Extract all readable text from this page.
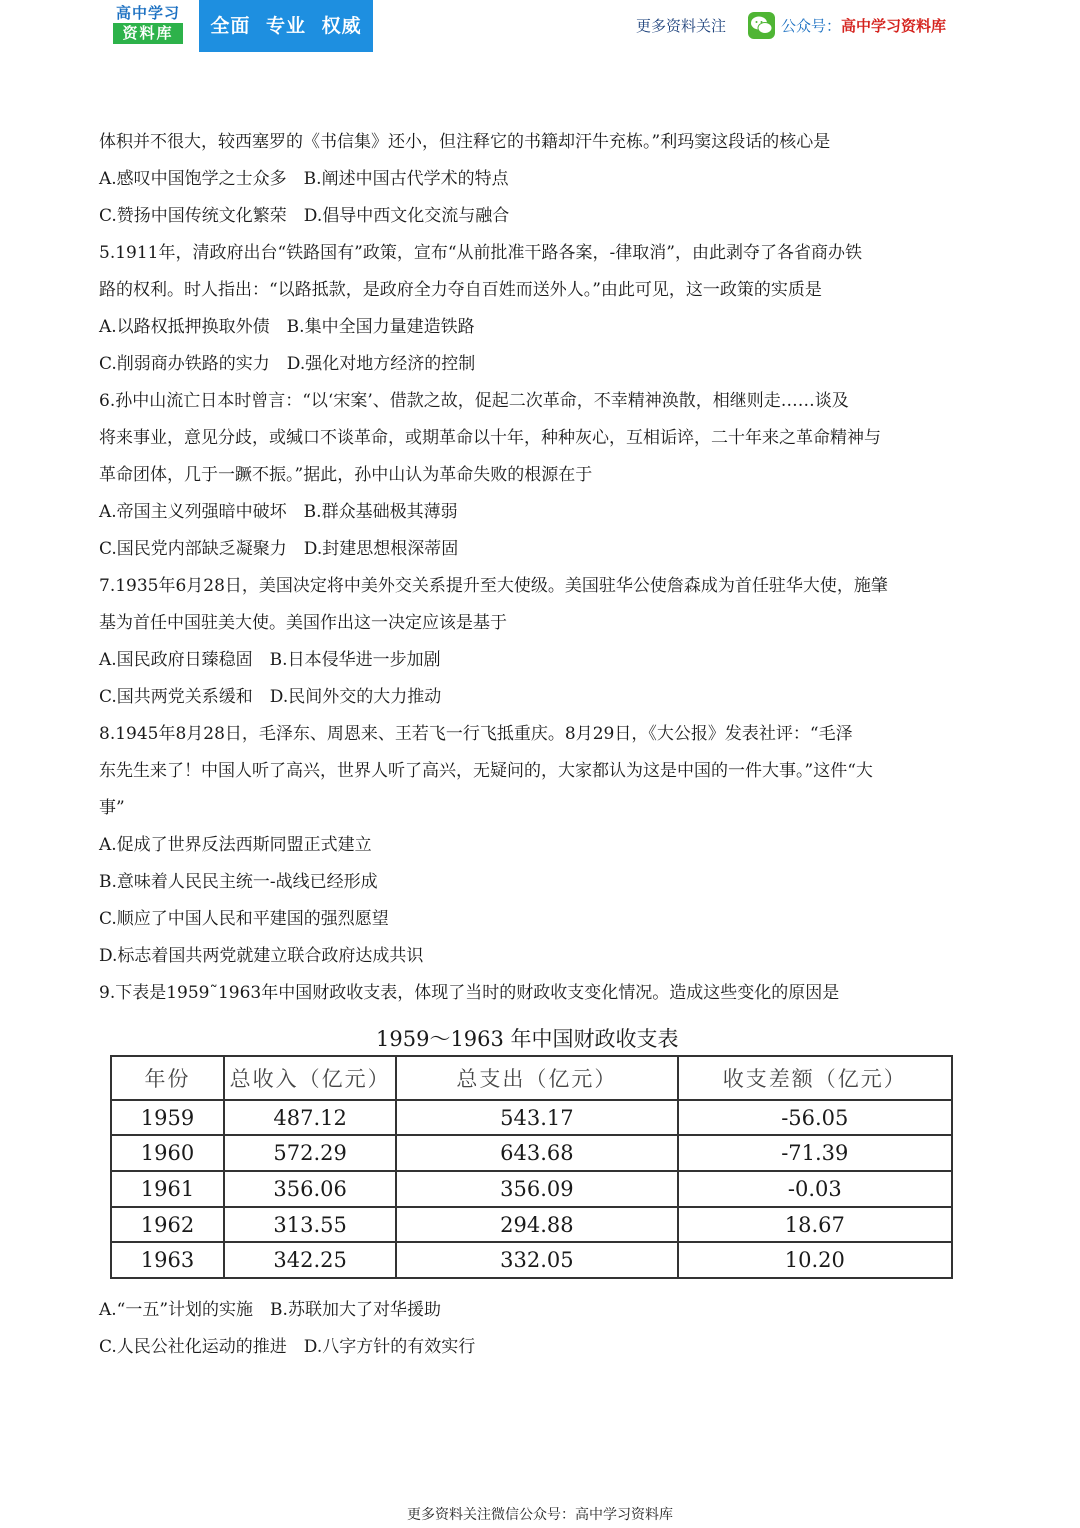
高中学习
资料库	全面 专业 权威	更多资料关注	公众号：高中学习资料库
体积并不很大，较西塞罗的《书信集》还小，但注释它的书籍却汗牛充栋。”利玛窦这段话的核心是
A.感叹中国饱学之士众多　B.阐述中国古代学术的特点
C.赞扬中国传统文化繁荣　D.倡导中西文化交流与融合
5.1911年，清政府出台“铁路国有”政策，宣布“从前批准干路各案，-律取消”，由此剥夺了各省商办铁
路的权利。时人指出：“以路抵款，是政府全力夺自百姓而送外人。”由此可见，这一政策的实质是
A.以路权抵押换取外债　B.集中全国力量建造铁路
C.削弱商办铁路的实力　D.强化对地方经济的控制
6.孙中山流亡日本时曾言：“以‘宋案’、借款之故，促起二次革命，不幸精神涣散，相继则走……谈及
将来事业，意见分歧，或缄口不谈革命，或期革命以十年，种种灰心，互相诟谇，二十年来之革命精神与
革命团体，几于一蹶不振。”据此，孙中山认为革命失败的根源在于
A.帝国主义列强暗中破坏　B.群众基础极其薄弱
C.国民党内部缺乏凝聚力　D.封建思想根深蒂固
7.1935年6月28日，美国决定将中美外交关系提升至大使级。美国驻华公使詹森成为首任驻华大使，施肇
基为首任中国驻美大使。美国作出这一决定应该是基于
A.国民政府日臻稳固　B.日本侵华进一步加剧
C.国共两党关系缓和　D.民间外交的大力推动
8.1945年8月28日，毛泽东、周恩来、王若飞一行飞抵重庆。8月29日，《大公报》发表社评：“毛泽
东先生来了！中国人听了高兴，世界人听了高兴，无疑问的，大家都认为这是中国的一件大事。”这件“大
事”
A.促成了世界反法西斯同盟正式建立
B.意味着人民民主统一-战线已经形成
C.顺应了中国人民和平建国的强烈愿望
D.标志着国共两党就建立联合政府达成共识
9.下表是1959˜1963年中国财政收支表，体现了当时的财政收支变化情况。造成这些变化的原因是
1959～1963 年中国财政收支表
年份	总收入（亿元）	总支出（亿元）	收支差额（亿元）
1959	487.12	543.17	-56.05
1960	572.29	643.68	-71.39
1961	356.06	356.09	-0.03
1962	313.55	294.88	18.67
1963	342.25	332.05	10.20
A.“一五”计划的实施　B.苏联加大了对华援助
C.人民公社化运动的推进　D.八字方针的有效实行
更多资料关注微信公众号：高中学习资料库
